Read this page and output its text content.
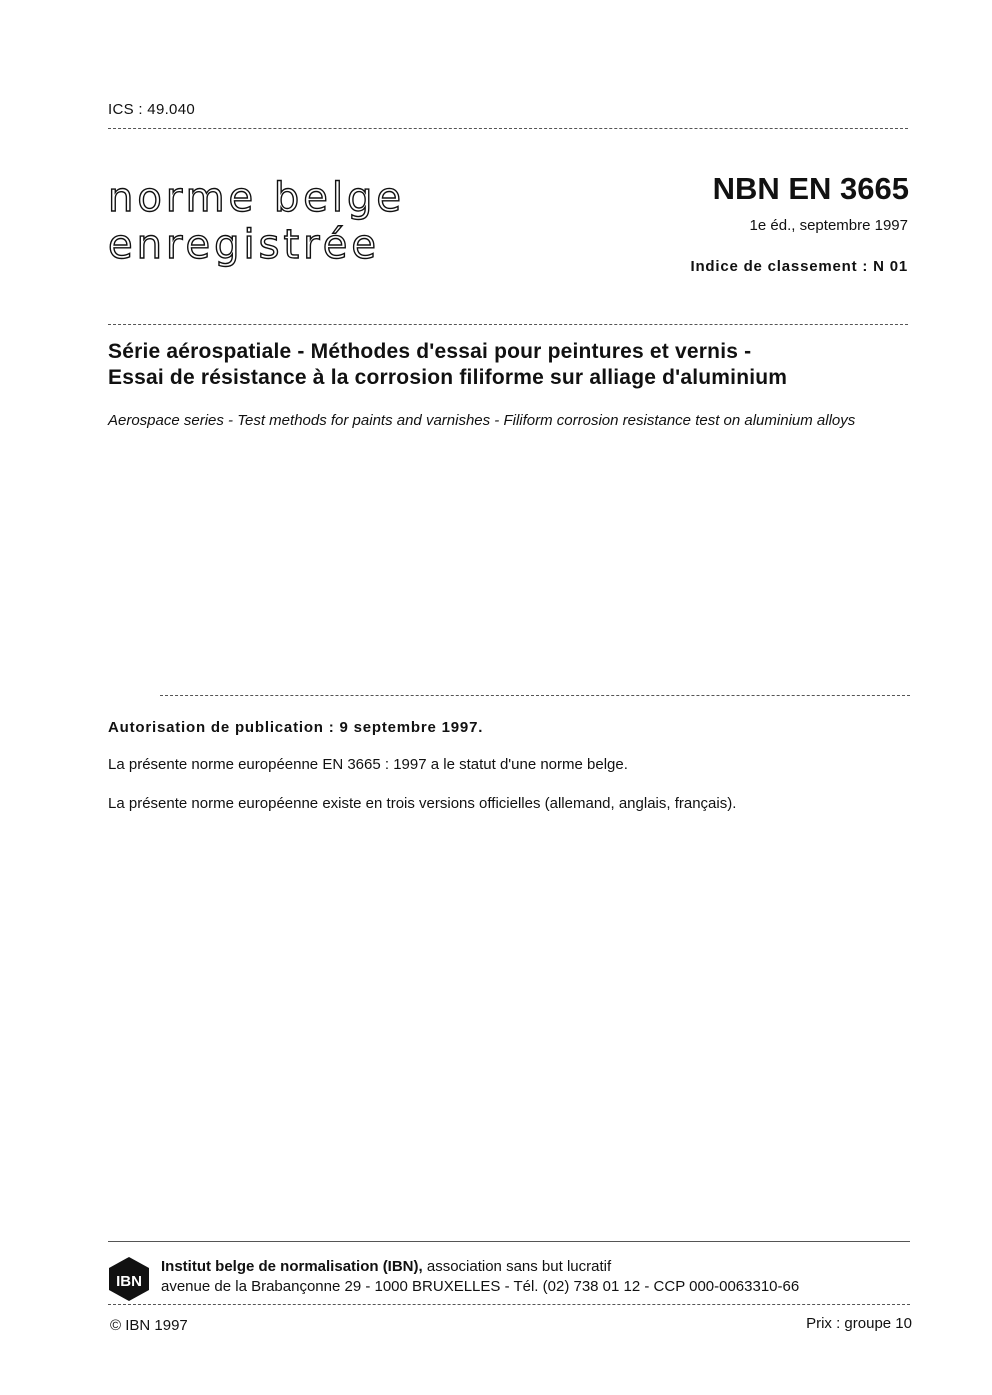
ICS : 49.040
norme belge
enregistrée
NBN EN 3665
1e éd., septembre 1997
Indice de classement : N 01
Série aérospatiale - Méthodes d'essai pour peintures et vernis -
Essai de résistance à la corrosion filiforme sur alliage d'aluminium
Aerospace series - Test methods for paints and varnishes - Filiform corrosion resistance test on aluminium alloys
Autorisation de publication : 9 septembre 1997.
La présente norme européenne EN 3665 : 1997 a le statut d'une norme belge.
La présente norme européenne existe en trois versions officielles (allemand, anglais, français).
IBN
Institut belge de normalisation (IBN), association sans but lucratif
avenue de la Brabançonne 29 - 1000 BRUXELLES - Tél. (02) 738 01 12 - CCP 000-0063310-66
© IBN 1997	Prix : groupe 10
